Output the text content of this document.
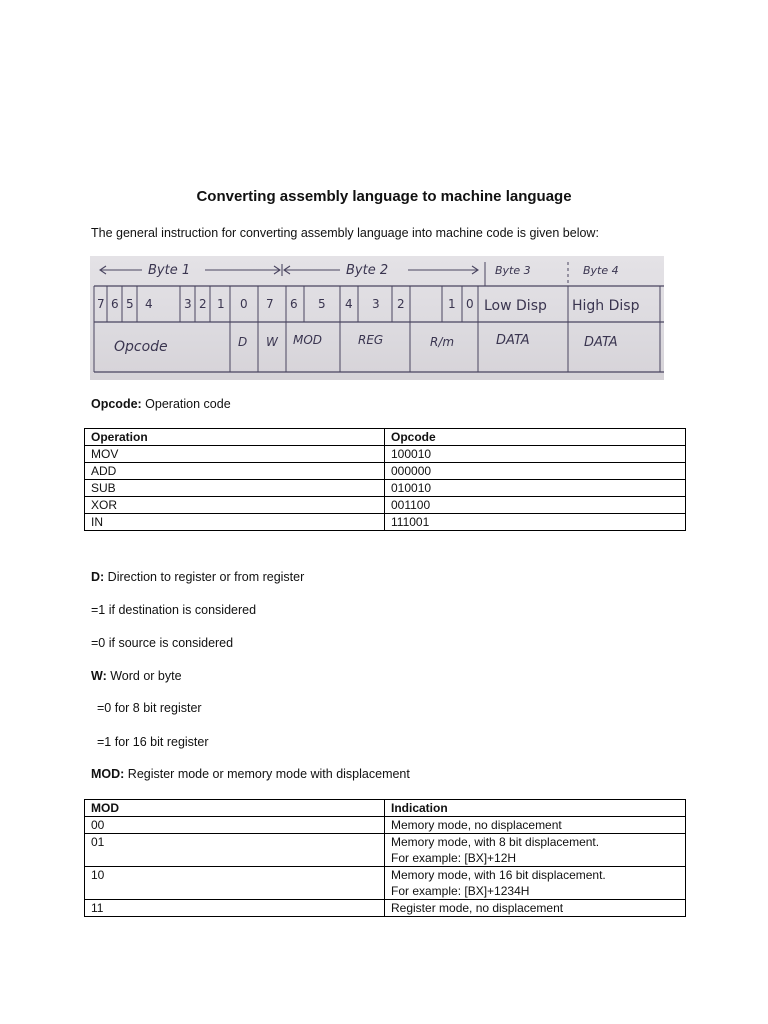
Converting assembly language to machine language
The general instruction for converting assembly language into machine code is given below:
Byte 1	Byte 2	Byte 3	Byte 4
7 6 5 4	3 2 1 0 7 6 5 4 3 2	1 0 Low Disp High Disp
Opcode	D W MOD	REG	R/m	DATA	DATA
Opcode: Operation code
Operation	Opcode
MOV	100010
ADD	000000
SUB	010010
XOR	001100
IN	111001
D: Direction to register or from register
=1 if destination is considered
=0 if source is considered
W: Word or byte
=0 for 8 bit register
=1 for 16 bit register
MOD: Register mode or memory mode with displacement
MOD	Indication
00	Memory mode, no displacement

01	Memory mode, with 8 bit displacement.
For example: [BX]+12H

10	Memory mode, with 16 bit displacement.
For example: [BX]+1234H

11	Register mode, no displacement
